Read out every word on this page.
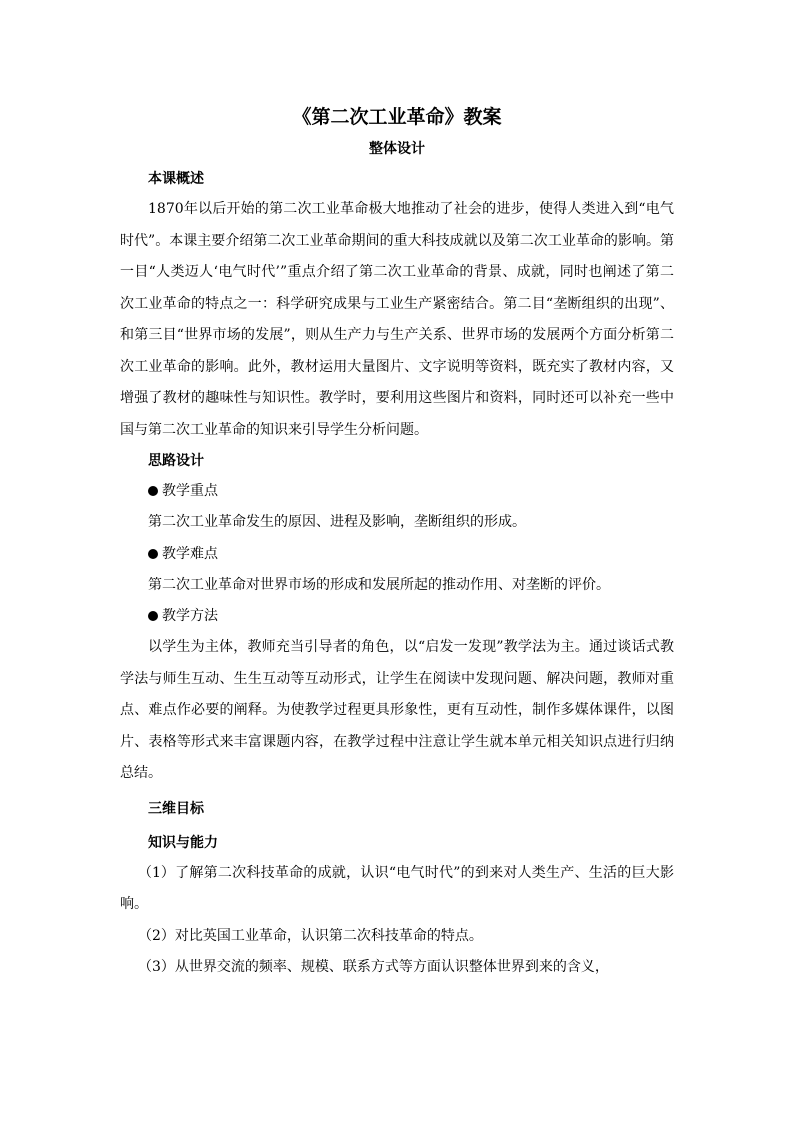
《第二次工业革命》教案
整体设计
本课概述

1870年以后开始的第二次工业革命极大地推动了社会的进步，使得人类进入到“电气时代”。本课主要介绍第二次工业革命期间的重大科技成就以及第二次工业革命的影响。第一目“人类迈人‘电气时代’”重点介绍了第二次工业革命的背景、成就，同时也阐述了第二次工业革命的特点之一：科学研究成果与工业生产紧密结合。第二目“垄断组织的出现”、和第三目“世界市场的发展”，则从生产力与生产关系、世界市场的发展两个方面分析第二次工业革命的影响。此外，教材运用大量图片、文字说明等资料，既充实了教材内容，又增强了教材的趣味性与知识性。教学时，要利用这些图片和资料，同时还可以补充一些中国与第二次工业革命的知识来引导学生分析问题。

思路设计
教学重点

第二次工业革命发生的原因、进程及影响，垄断组织的形成。

教学难点

第二次工业革命对世界市场的形成和发展所起的推动作用、对垄断的评价。

教学方法

以学生为主体，教师充当引导者的角色，以“启发一发现”教学法为主。通过谈话式教学法与师生互动、生生互动等互动形式，让学生在阅读中发现问题、解决问题，教师对重点、难点作必要的阐释。为使教学过程更具形象性，更有互动性，制作多媒体课件，以图片、表格等形式来丰富课题内容，在教学过程中注意让学生就本单元相关知识点进行归纳总结。

三维目标
知识与能力

（1）了解第二次科技革命的成就，认识“电气时代”的到来对人类生产、生活的巨大影响。

（2）对比英国工业革命，认识第二次科技革命的特点。

（3）从世界交流的频率、规模、联系方式等方面认识整体世界到来的含义，
